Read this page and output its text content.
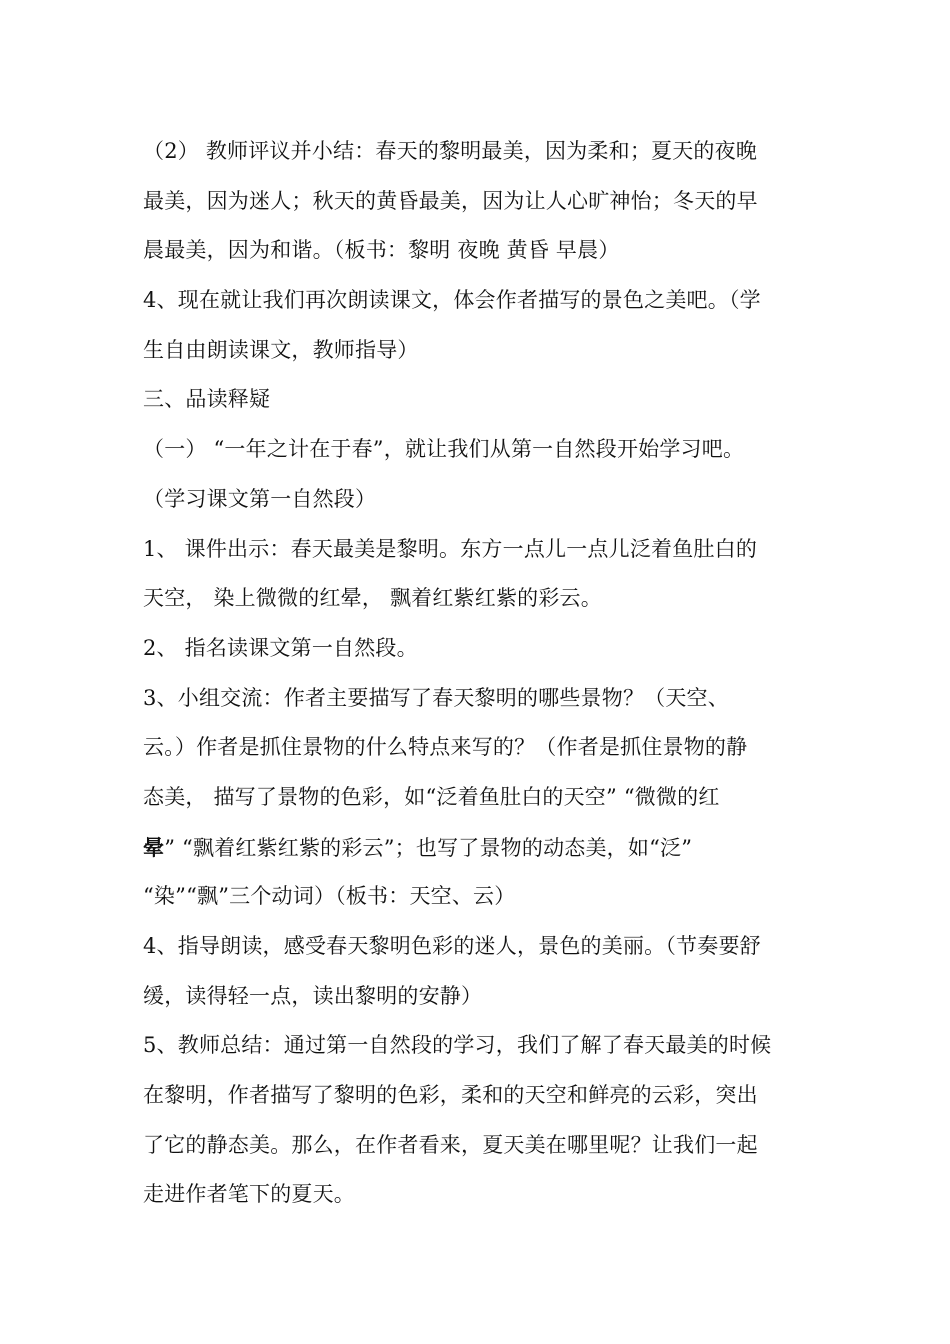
（2） 教师评议并小结：春天的黎明最美，因为柔和；夏天的夜晚
最美，因为迷人；秋天的黄昏最美，因为让人心旷神怡；冬天的早
晨最美，因为和谐。（板书：黎明 夜晚 黄昏 早晨）
4、现在就让我们再次朗读课文，体会作者描写的景色之美吧。（学
生自由朗读课文，教师指导）
三、品读释疑
（一） “一年之计在于春”，就让我们从第一自然段开始学习吧。
（学习课文第一自然段）
1、 课件出示：春天最美是黎明。东方一点儿一点儿泛着鱼肚白的
天空， 染上微微的红晕， 飘着红紫红紫的彩云。
2、 指名读课文第一自然段。
3、小组交流：作者主要描写了春天黎明的哪些景物？（天空、
云。）作者是抓住景物的什么特点来写的？（作者是抓住景物的静
态美， 描写了景物的色彩，如“泛着鱼肚白的天空” “微微的红
晕” “飘着红紫红紫的彩云”；也写了景物的动态美，如“泛”
“染”“飘”三个动词）（板书：天空、云）
4、指导朗读，感受春天黎明色彩的迷人，景色的美丽。（节奏要舒
缓，读得轻一点，读出黎明的安静）
5、教师总结：通过第一自然段的学习，我们了解了春天最美的时候
在黎明，作者描写了黎明的色彩，柔和的天空和鲜亮的云彩，突出
了它的静态美。那么，在作者看来，夏天美在哪里呢？让我们一起
走进作者笔下的夏天。
